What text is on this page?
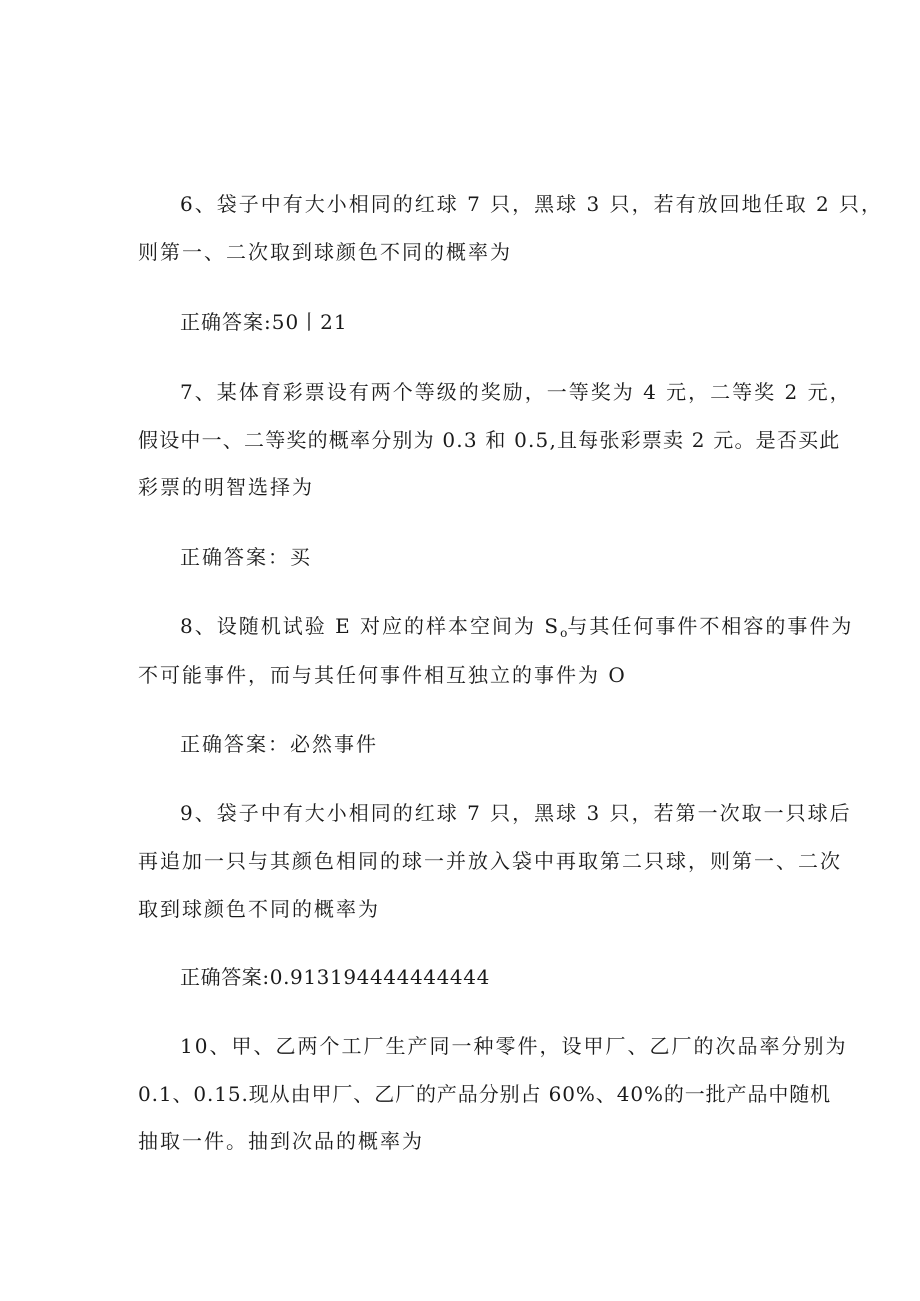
6、袋子中有大小相同的红球 7 只，黑球 3 只，若有放回地任取 2 只，
则第一、二次取到球颜色不同的概率为
正确答案:50丨21
7、某体育彩票设有两个等级的奖励，一等奖为 4 元，二等奖 2 元，
假设中一、二等奖的概率分别为 0.3 和 0.5,且每张彩票卖 2 元。是否买此
彩票的明智选择为
正确答案：买
8、设随机试验 E 对应的样本空间为 $S_o$与其任何事件不相容的事件为
不可能事件，而与其任何事件相互独立的事件为 O
正确答案：必然事件
9、袋子中有大小相同的红球 7 只，黑球 3 只，若第一次取一只球后
再追加一只与其颜色相同的球一并放入袋中再取第二只球，则第一、二次
取到球颜色不同的概率为
正确答案:0.913194444444444
10、甲、乙两个工厂生产同一种零件，设甲厂、乙厂的次品率分别为
0.1、0.15.现从由甲厂、乙厂的产品分别占 60%、40%的一批产品中随机
抽取一件。抽到次品的概率为
